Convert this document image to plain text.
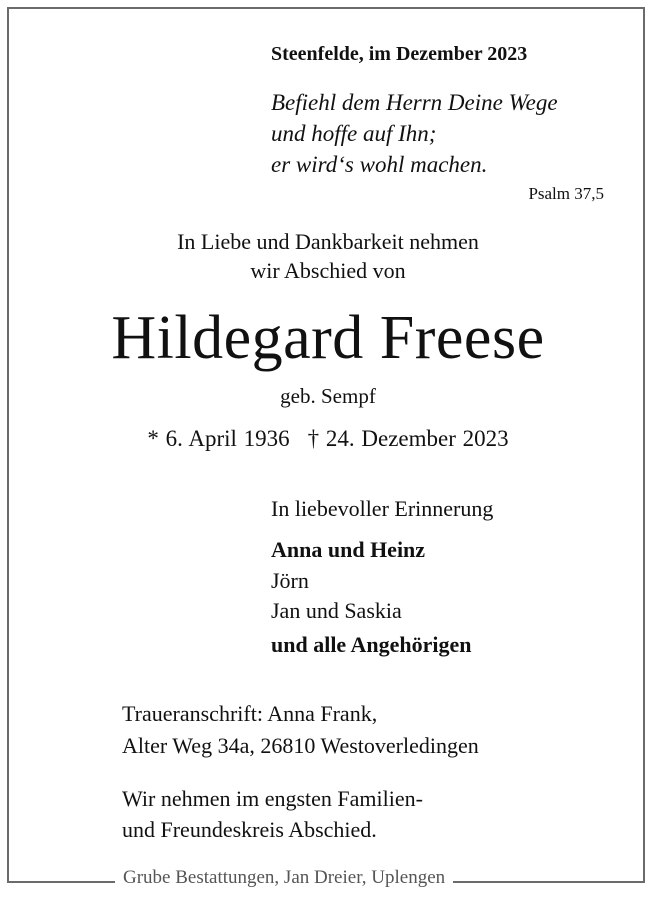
Steenfelde, im Dezember 2023
Befiehl dem Herrn Deine Wege
und hoffe auf Ihn;
er wird‘s wohl machen.
Psalm 37,5
In Liebe und Dankbarkeit nehmen
wir Abschied von
Hildegard Freese
geb. Sempf
* 6. April 1936 † 24. Dezember 2023
In liebevoller Erinnerung
Anna und Heinz
Jörn
Jan und Saskia
und alle Angehörigen
Traueranschrift: Anna Frank,
Alter Weg 34a, 26810 Westoverledingen
Wir nehmen im engsten Familien-
und Freundeskreis Abschied.
Grube Bestattungen, Jan Dreier, Uplengen
